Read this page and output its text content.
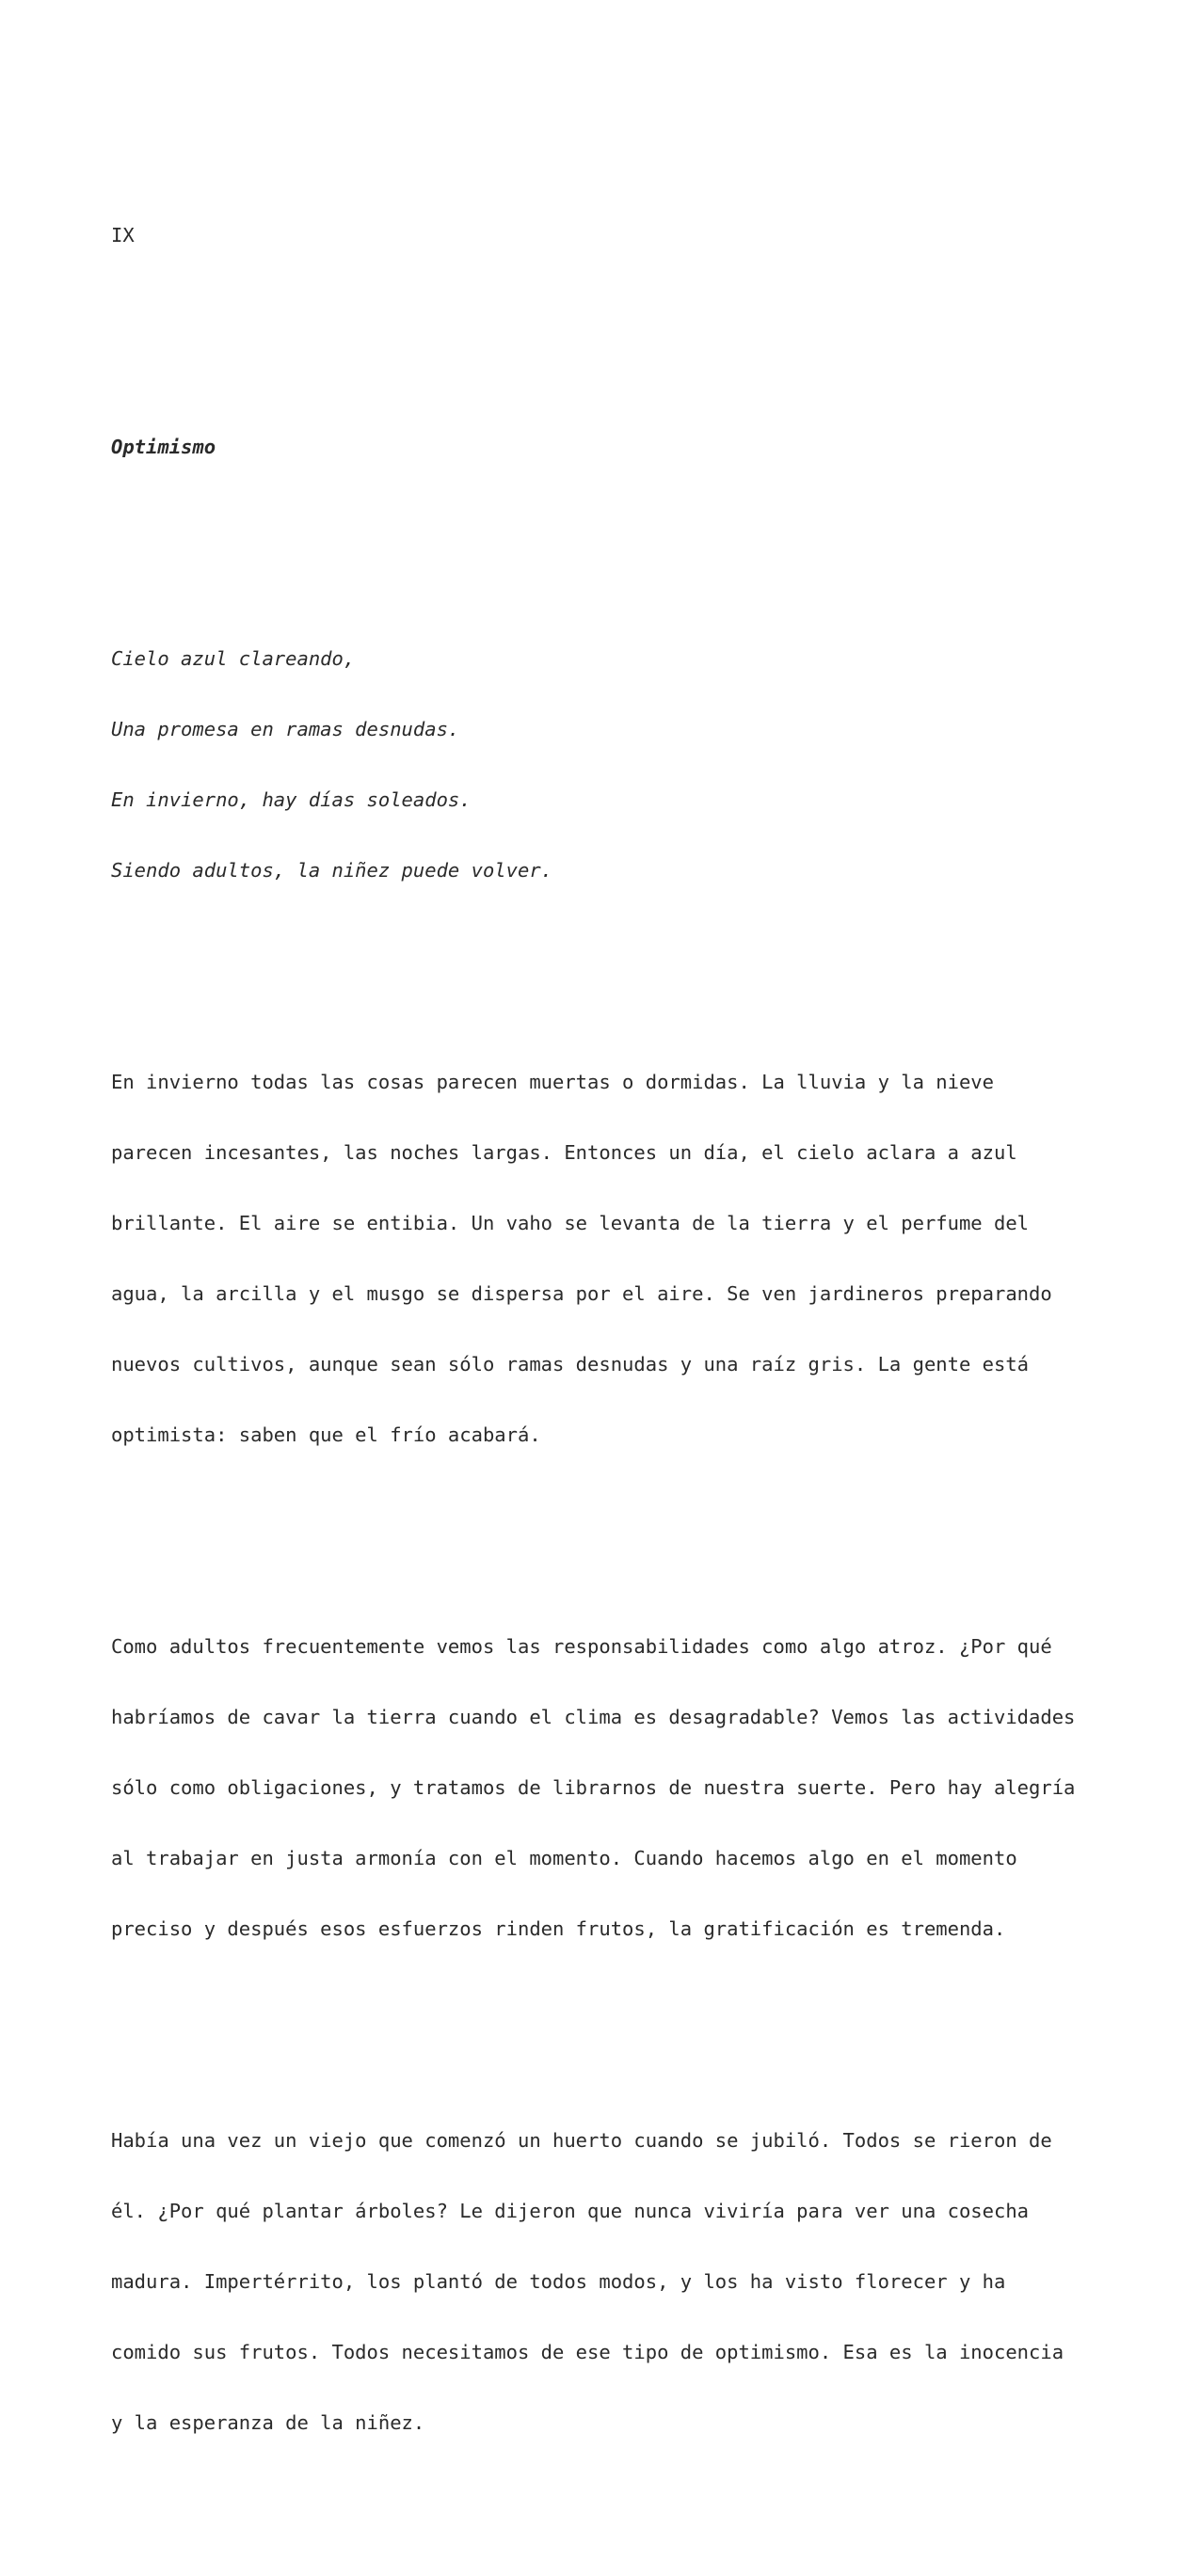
IX

Optimismo

Cielo azul clareando,

Una promesa en ramas desnudas.

En invierno, hay días soleados.

Siendo adultos, la niñez puede volver.

En invierno todas las cosas parecen muertas o dormidas. La lluvia y la nieve

parecen incesantes, las noches largas. Entonces un día, el cielo aclara a azul

brillante. El aire se entibia. Un vaho se levanta de la tierra y el perfume del

agua, la arcilla y el musgo se dispersa por el aire. Se ven jardineros preparando

nuevos cultivos, aunque sean sólo ramas desnudas y una raíz gris. La gente está

optimista: saben que el frío acabará.

Como adultos frecuentemente vemos las responsabilidades como algo atroz. ¿Por qué

habríamos de cavar la tierra cuando el clima es desagradable? Vemos las actividades

sólo como obligaciones, y tratamos de librarnos de nuestra suerte. Pero hay alegría

al trabajar en justa armonía con el momento. Cuando hacemos algo en el momento

preciso y después esos esfuerzos rinden frutos, la gratificación es tremenda.

Había una vez un viejo que comenzó un huerto cuando se jubiló. Todos se rieron de

él. ¿Por qué plantar árboles? Le dijeron que nunca viviría para ver una cosecha

madura. Impertérrito, los plantó de todos modos, y los ha visto florecer y ha

comido sus frutos. Todos necesitamos de ese tipo de optimismo. Esa es la inocencia

y la esperanza de la niñez.
